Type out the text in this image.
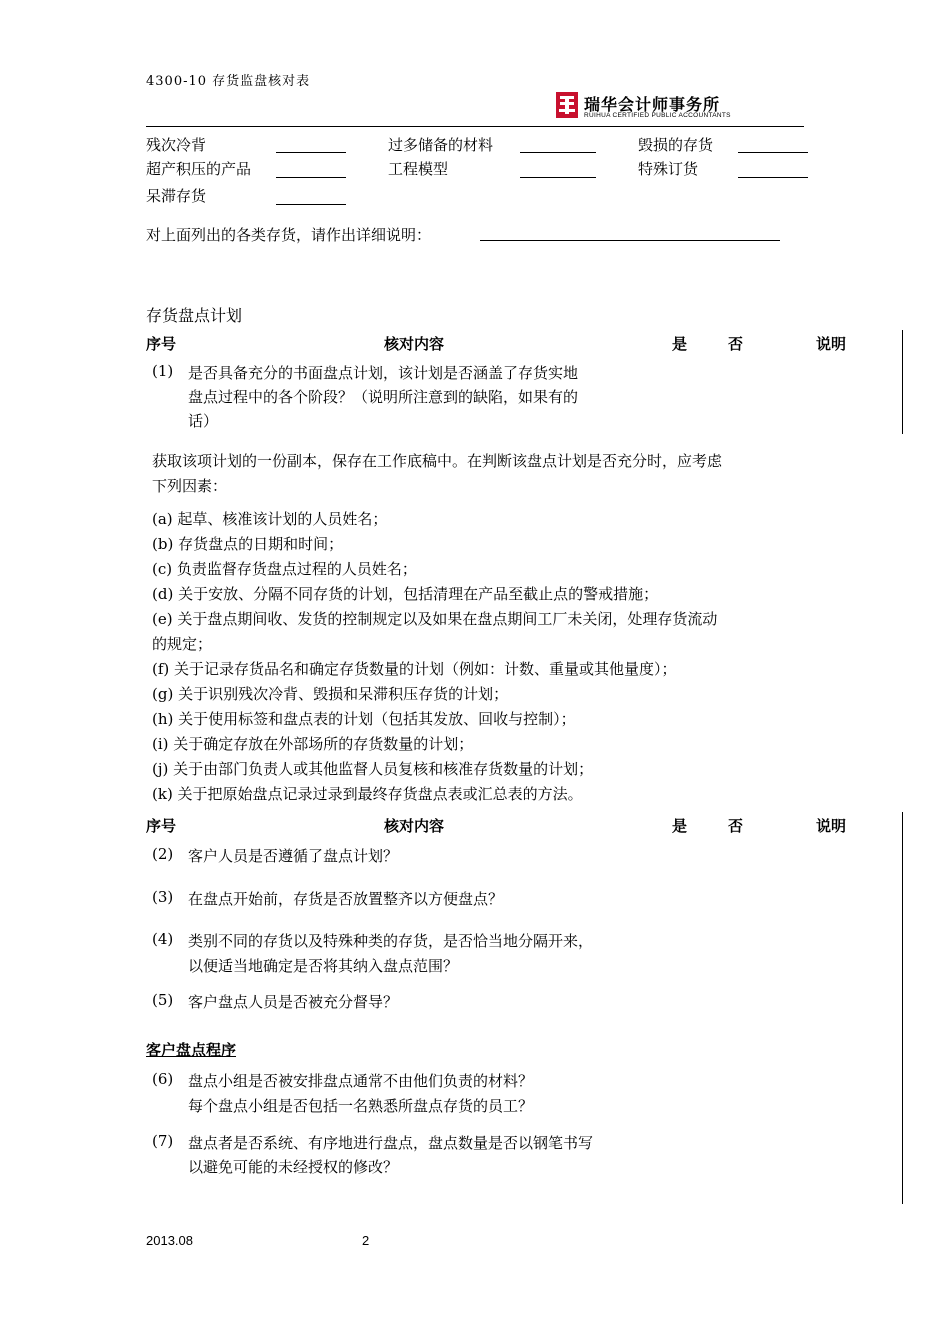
4300-10 存货监盘核对表
瑞华会计师事务所
RUIHUA CERTIFIED PUBLIC ACCOUNTANTS
残次冷背	过多储备的材料	毁损的存货
超产积压的产品	工程模型	特殊订货
呆滞存货
对上面列出的各类存货，请作出详细说明：
存货盘点计划
序号	核对内容	是	否	说明
(1) 是否具备充分的书面盘点计划，该计划是否涵盖了存货实地
盘点过程中的各个阶段？（说明所注意到的缺陷，如果有的
话）
获取该项计划的一份副本，保存在工作底稿中。在判断该盘点计划是否充分时，应考虑
下列因素：
(a) 起草、核准该计划的人员姓名；
(b) 存货盘点的日期和时间；
(c) 负责监督存货盘点过程的人员姓名；
(d) 关于安放、分隔不同存货的计划，包括清理在产品至截止点的警戒措施；
(e) 关于盘点期间收、发货的控制规定以及如果在盘点期间工厂未关闭，处理存货流动
的规定；
(f) 关于记录存货品名和确定存货数量的计划（例如：计数、重量或其他量度）；
(g) 关于识别残次冷背、毁损和呆滞积压存货的计划；
(h) 关于使用标签和盘点表的计划（包括其发放、回收与控制）；
(i) 关于确定存放在外部场所的存货数量的计划；
(j) 关于由部门负责人或其他监督人员复核和核准存货数量的计划；
(k) 关于把原始盘点记录过录到最终存货盘点表或汇总表的方法。
序号	核对内容	是	否	说明
(2) 客户人员是否遵循了盘点计划？
(3) 在盘点开始前，存货是否放置整齐以方便盘点？
(4) 类别不同的存货以及特殊种类的存货，是否恰当地分隔开来，
以便适当地确定是否将其纳入盘点范围？
(5) 客户盘点人员是否被充分督导？
客户盘点程序
(6) 盘点小组是否被安排盘点通常不由他们负责的材料？
每个盘点小组是否包括一名熟悉所盘点存货的员工？
(7) 盘点者是否系统、有序地进行盘点，盘点数量是否以钢笔书写
以避免可能的未经授权的修改？
2013.08	2
